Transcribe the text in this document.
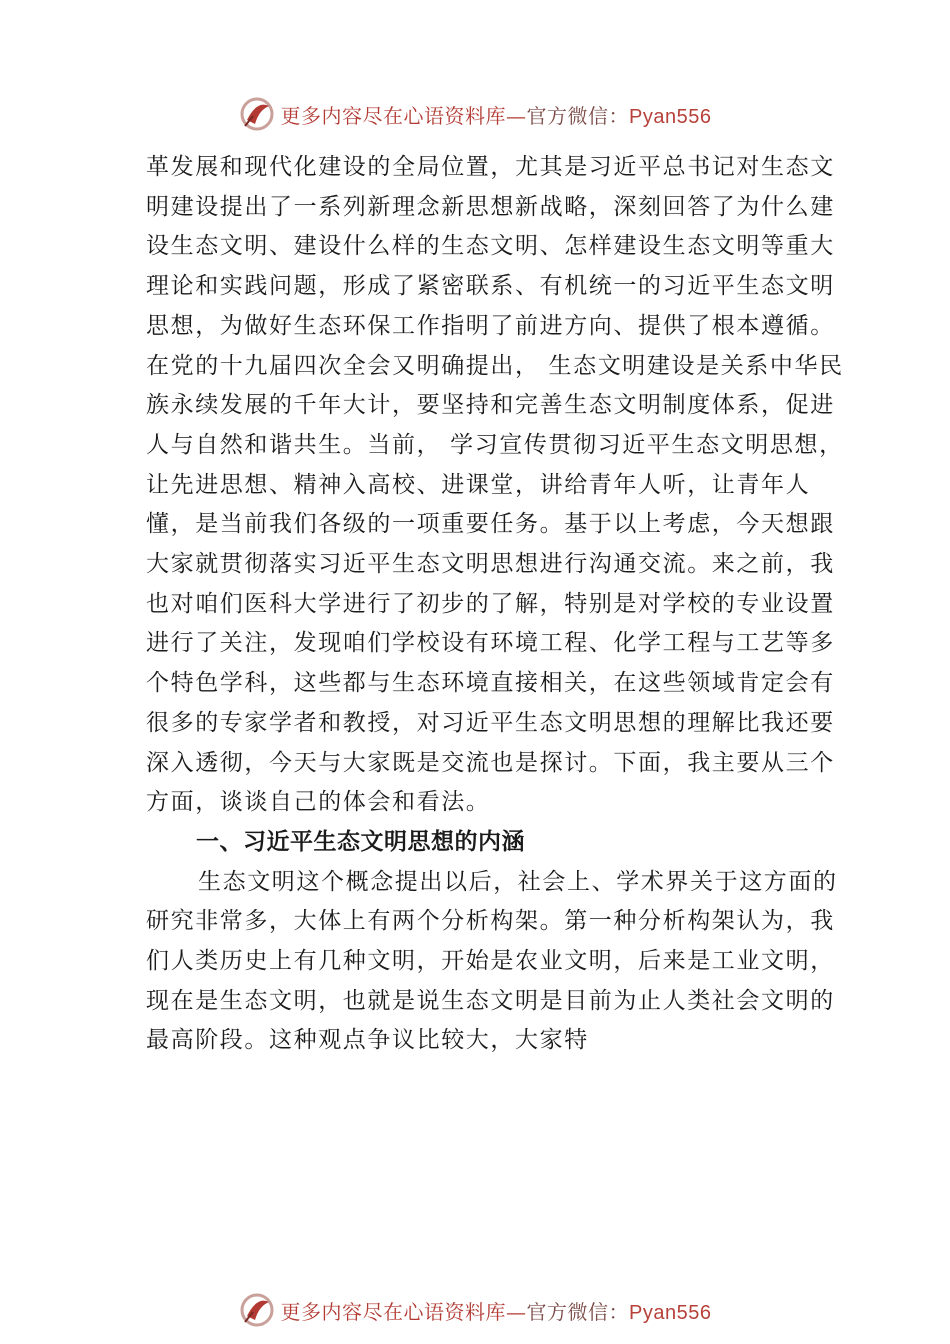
更多内容尽在心语资料库—官方微信：Pyan556

革发展和现代化建设的全局位置，尤其是习近平总书记对生态文明建设提出了一系列新理念新思想新战略，深刻回答了为什么建设生态文明、建设什么样的生态文明、怎样建设生态文明等重大理论和实践问题，形成了紧密联系、有机统一的习近平生态文明思想，为做好生态环保工作指明了前进方向、提供了根本遵循。在党的十九届四次全会又明确提出， 生态文明建设是关系中华民族永续发展的千年大计，要坚持和完善生态文明制度体系，促进人与自然和谐共生。当前， 学习宣传贯彻习近平生态文明思想，让先进思想、精神入高校、进课堂，讲给青年人听，让青年人懂，是当前我们各级的一项重要任务。基于以上考虑，今天想跟大家就贯彻落实习近平生态文明思想进行沟通交流。来之前，我也对咱们医科大学进行了初步的了解，特别是对学校的专业设置进行了关注，发现咱们学校设有环境工程、化学工程与工艺等多个特色学科，这些都与生态环境直接相关，在这些领域肯定会有很多的专家学者和教授，对习近平生态文明思想的理解比我还要深入透彻，今天与大家既是交流也是探讨。下面，我主要从三个方面，谈谈自己的体会和看法。

一、习近平生态文明思想的内涵

生态文明这个概念提出以后，社会上、学术界关于这方面的研究非常多，大体上有两个分析构架。第一种分析构架认为，我们人类历史上有几种文明，开始是农业文明，后来是工业文明，现在是生态文明，也就是说生态文明是目前为止人类社会文明的最高阶段。这种观点争议比较大，大家特

更多内容尽在心语资料库—官方微信：Pyan556
